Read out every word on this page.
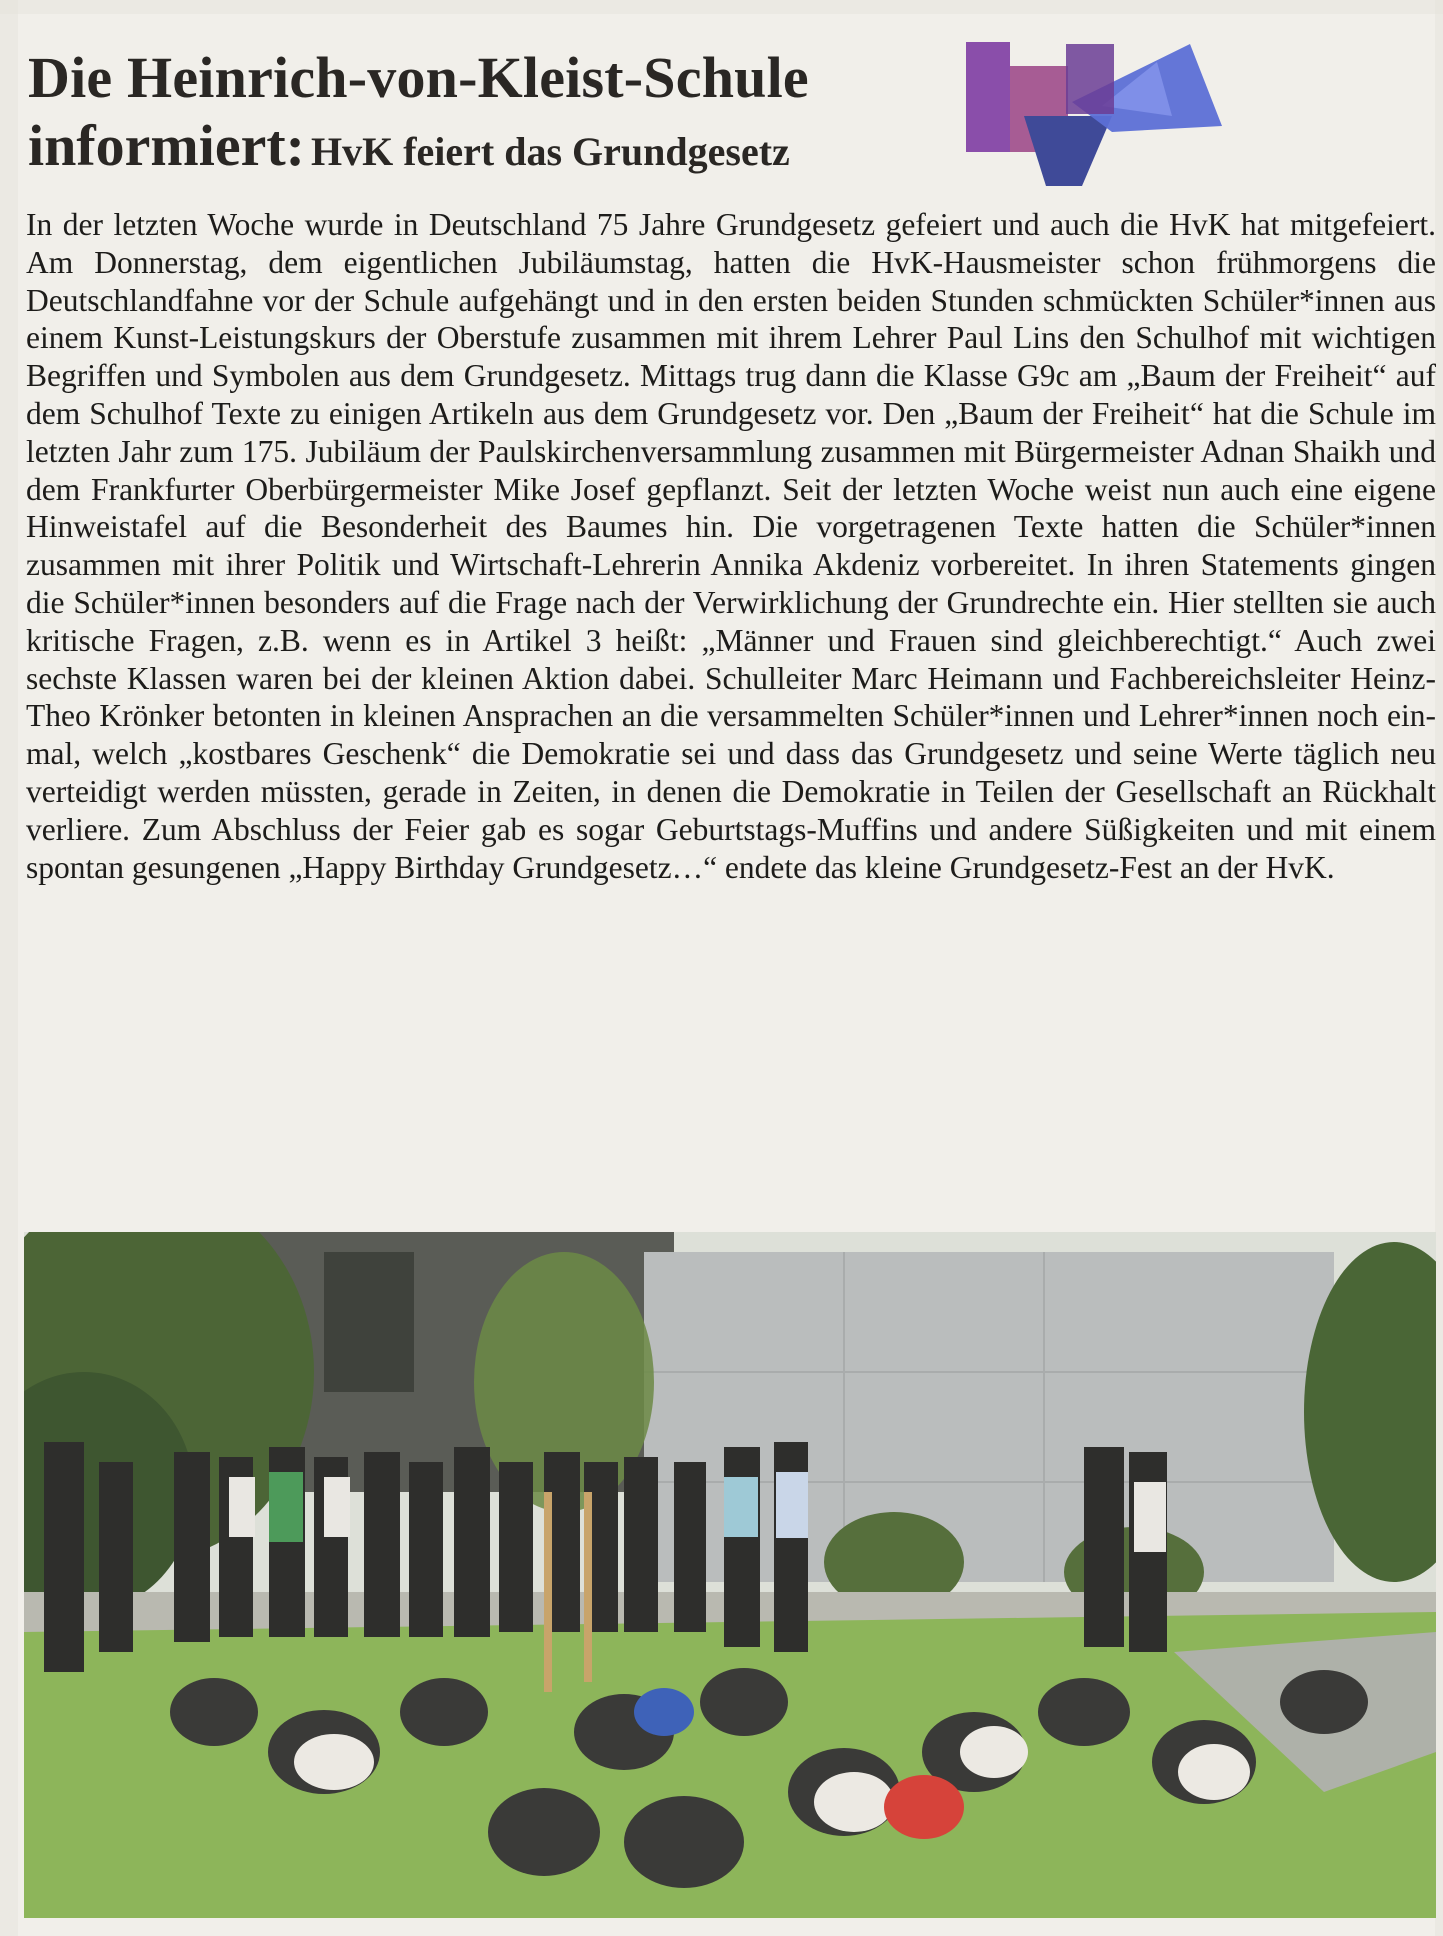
Die Heinrich-von-Kleist-Schule
informiert: HvK feiert das Grundgesetz

In der letzten Woche wurde in Deutschland 75 Jahre Grundgesetz gefeiert und auch die HvK hat mitgefeiert. Am Donnerstag, dem eigentlichen Jubiläumstag, hatten die HvK-Hausmeister schon frühmorgens die Deutschlandfahne vor der Schule aufgehängt und in den ersten beiden Stunden schmückten Schüler*innen aus einem Kunst-Leistungskurs der Oberstufe zusammen mit ihrem Lehrer Paul Lins den Schulhof mit wichtigen Begriffen und Symbolen aus dem Grundgesetz. Mittags trug dann die Klasse G9c am „Baum der Freiheit“ auf dem Schulhof Texte zu einigen Artikeln aus dem Grundgesetz vor. Den „Baum der Freiheit“ hat die Schule im letzten Jahr zum 175. Jubiläum der Paulskirchenversammlung zusammen mit Bürgermeister Adnan Shaikh und dem Frankfurter Oberbürgermeister Mike Josef gepflanzt. Seit der letzten Woche weist nun auch eine eigene Hinweistafel auf die Besonderheit des Baumes hin. Die vorgetragenen Texte hatten die Schüler*innen zusammen mit ihrer Politik und Wirtschaft-Lehrerin Annika Akdeniz vorbereitet. In ihren Statements gingen die Schüler*innen besonders auf die Frage nach der Verwirklichung der Grundrechte ein. Hier stellten sie auch kritische Fragen, z.B. wenn es in Artikel 3 heißt: „Männer und Frauen sind gleichberechtigt.“ Auch zwei sechste Klassen waren bei der kleinen Aktion dabei. Schulleiter Marc Heimann und Fachbereichsleiter Heinz-Theo Krönker betonten in kleinen Ansprachen an die versammelten Schüler*innen und Lehrer*innen noch einmal, welch „kostbares Geschenk“ die Demokratie sei und dass das Grundgesetz und seine Werte täglich neu verteidigt werden müssten, gerade in Zeiten, in denen die Demokratie in Teilen der Gesellschaft an Rückhalt verliere. Zum Abschluss der Feier gab es sogar Geburtstags-Muffins und andere Süßigkeiten und mit einem spontan gesungenen „Happy Birthday Grundgesetz…“ endete das kleine Grundgesetz-Fest an der HvK.
